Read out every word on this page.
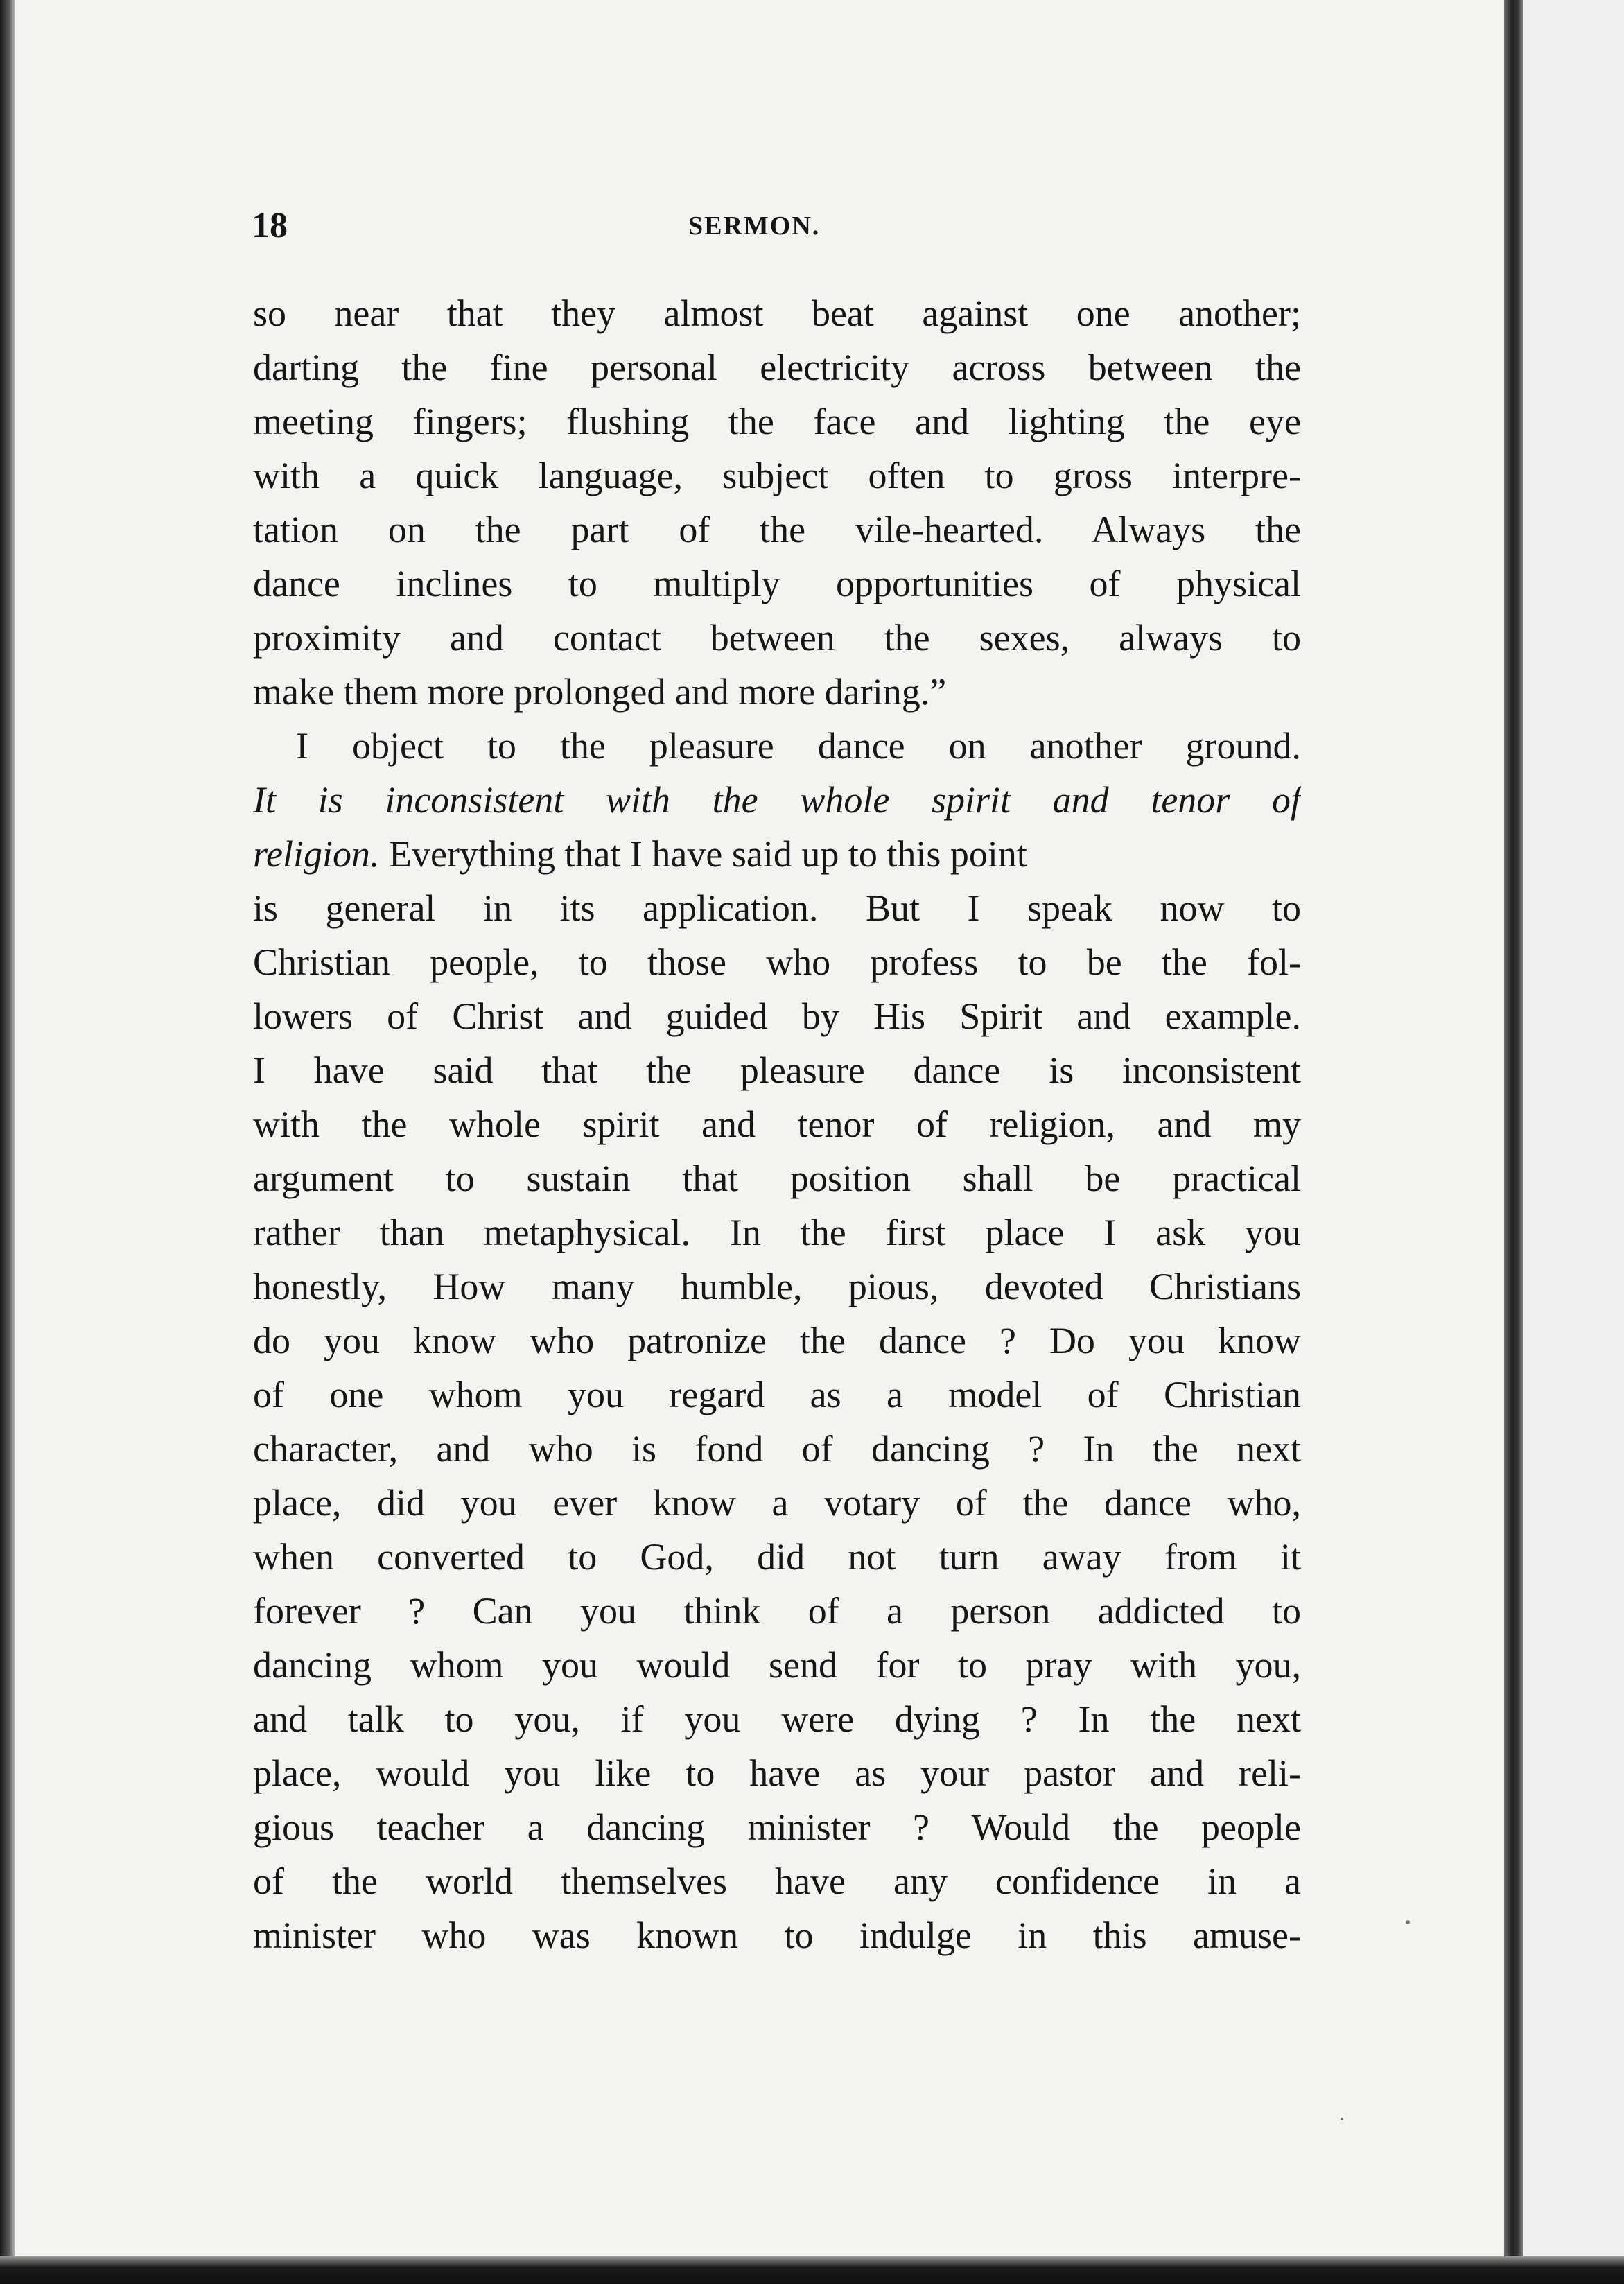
18	SERMON.
so near that they almost beat against one another;
darting the fine personal electricity across between the
meeting fingers; flushing the face and lighting the eye
with a quick language, subject often to gross interpre-
tation on the part of the vile-hearted. Always the
dance inclines to multiply opportunities of physical
proximity and contact between the sexes, always to
make them more prolonged and more daring.”
I object to the pleasure dance on another ground.
It is inconsistent with the whole spirit and tenor of
religion. Everything that I have said up to this point
is general in its application. But I speak now to
Christian people, to those who profess to be the fol-
lowers of Christ and guided by His Spirit and example.
I have said that the pleasure dance is inconsistent
with the whole spirit and tenor of religion, and my
argument to sustain that position shall be practical
rather than metaphysical. In the first place I ask you
honestly, How many humble, pious, devoted Christians
do you know who patronize the dance ? Do you know
of one whom you regard as a model of Christian
character, and who is fond of dancing ? In the next
place, did you ever know a votary of the dance who,
when converted to God, did not turn away from it
forever ? Can you think of a person addicted to
dancing whom you would send for to pray with you,
and talk to you, if you were dying ? In the next
place, would you like to have as your pastor and reli-
gious teacher a dancing minister ? Would the people
of the world themselves have any confidence in a
minister who was known to indulge in this amuse-
